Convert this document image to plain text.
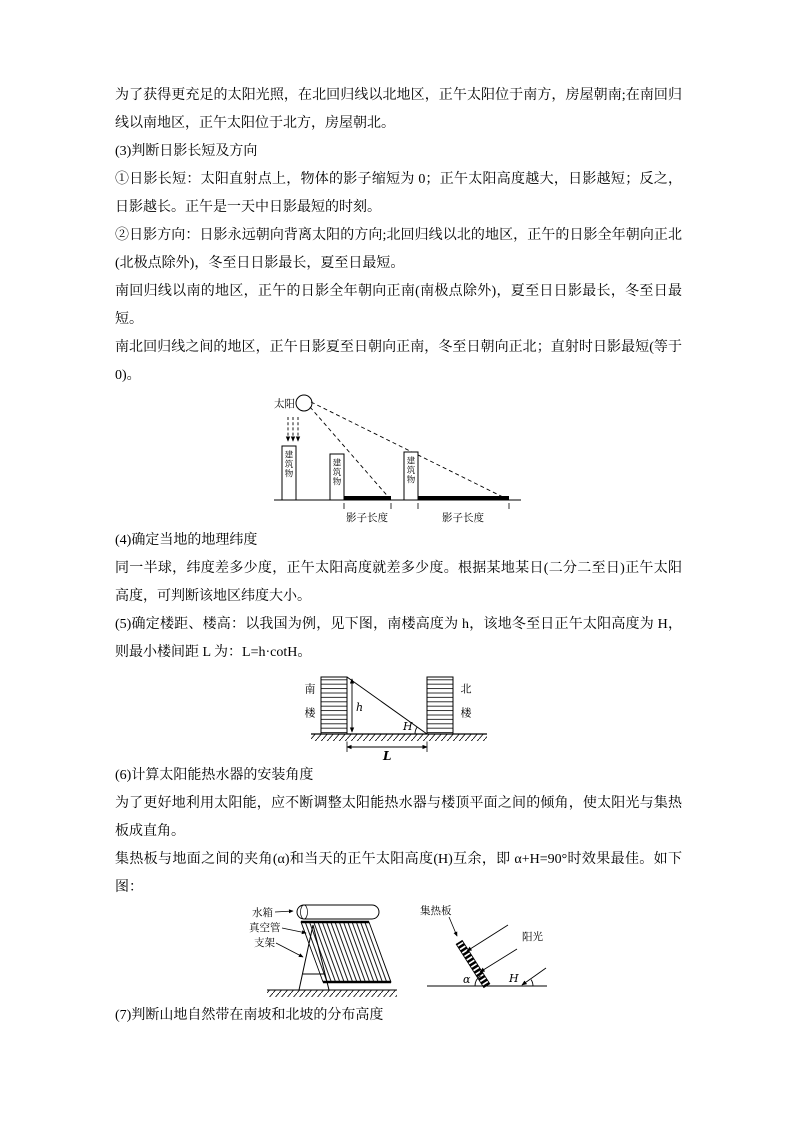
为了获得更充足的太阳光照，在北回归线以北地区，正午太阳位于南方，房屋朝南;在南回归线以南地区，正午太阳位于北方，房屋朝北。

(3)判断日影长短及方向

①日影长短：太阳直射点上，物体的影子缩短为 0；正午太阳高度越大，日影越短；反之，日影越长。正午是一天中日影最短的时刻。

②日影方向：日影永远朝向背离太阳的方向;北回归线以北的地区，正午的日影全年朝向正北(北极点除外)，冬至日日影最长，夏至日最短。

南回归线以南的地区，正午的日影全年朝向正南(南极点除外)，夏至日日影最长，冬至日最短。

南北回归线之间的地区，正午日影夏至日朝向正南，冬至日朝向正北；直射时日影最短(等于0)。

太阳
建筑物	建筑物	建筑物
影子长度	影子长度

(4)确定当地的地理纬度

同一半球，纬度差多少度，正午太阳高度就差多少度。根据某地某日(二分二至日)正午太阳高度，可判断该地区纬度大小。

(5)确定楼距、楼高：以我国为例，见下图，南楼高度为 h，该地冬至日正午太阳高度为 H，则最小楼间距 L 为：L=h·cotH。

南楼	北楼
h
H
L

(6)计算太阳能热水器的安装角度

为了更好地利用太阳能，应不断调整太阳能热水器与楼顶平面之间的倾角，使太阳光与集热板成直角。

集热板与地面之间的夹角(α)和当天的正午太阳高度(H)互余，即 α+H=90°时效果最佳。如下图：

水箱
真空管
支架
集热板
阳光
α	H

(7)判断山地自然带在南坡和北坡的分布高度
